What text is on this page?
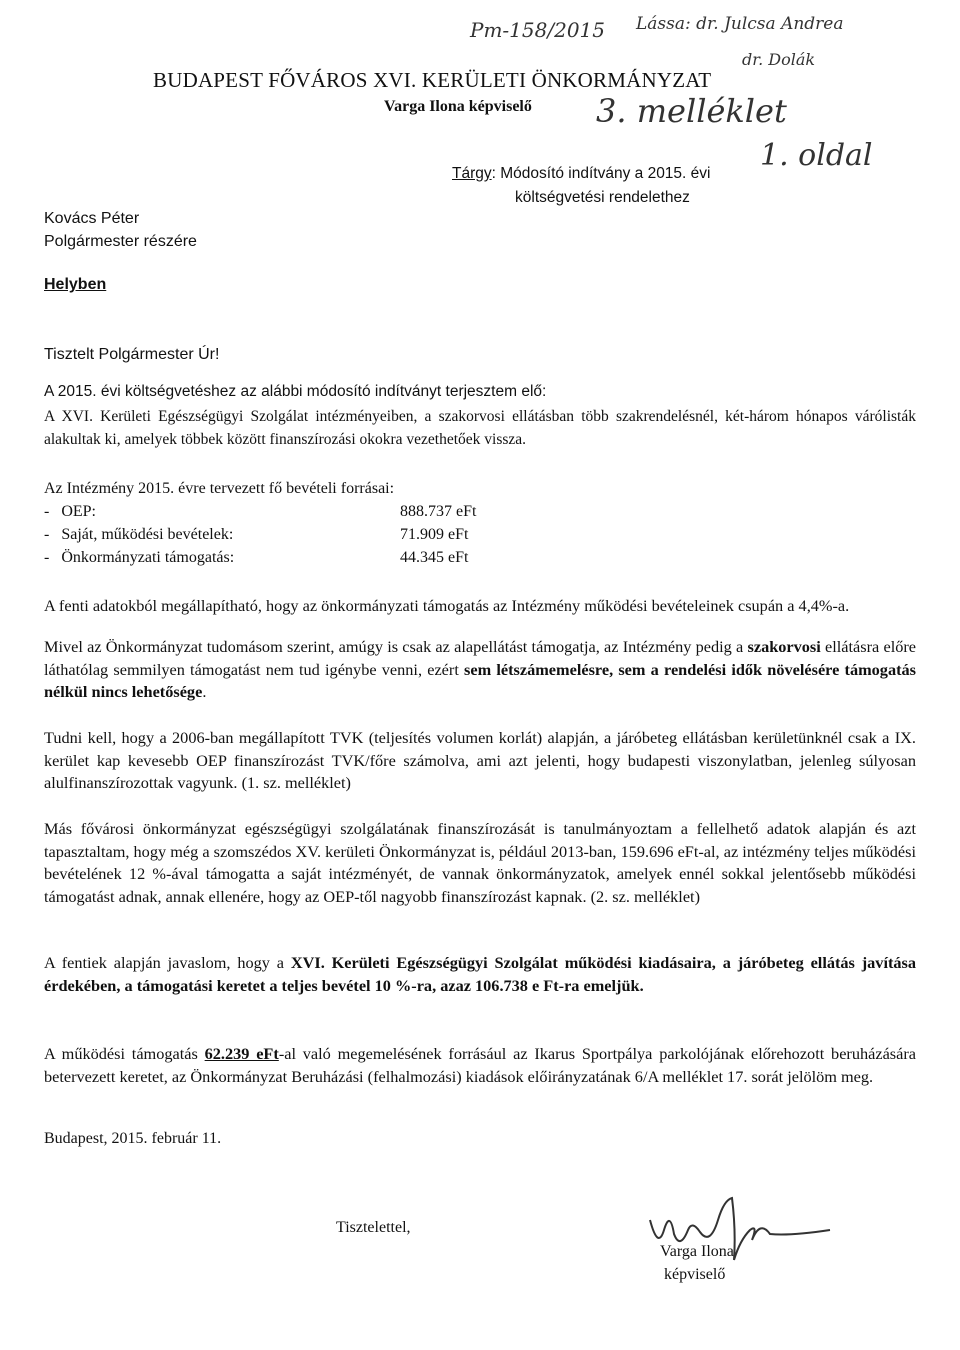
Pm-158/2015 Lássa: dr. Julcsa Andrea
dr. Dolák
3. melléklet
1. oldal
BUDAPEST FŐVÁROS XVI. KERÜLETI ÖNKORMÁNYZAT
Varga Ilona képviselő
Tárgy: Módosító indítvány a 2015. évi
költségvetési rendelethez
Kovács Péter
Polgármester részére
Helyben
Tisztelt Polgármester Úr!
A 2015. évi költségvetéshez az alábbi módosító indítványt terjesztem elő:
A XVI. Kerületi Egészségügyi Szolgálat intézményeiben, a szakorvosi ellátásban több szakrendelésnél, két-három hónapos várólisták alakultak ki, amelyek többek között finanszírozási okokra vezethetőek vissza.
Az Intézmény 2015. évre tervezett fő bevételi forrásai:
-   OEP:	888.737 eFt
-   Saját, működési bevételek:	71.909 eFt
-   Önkormányzati támogatás:	44.345 eFt
A fenti adatokból megállapítható, hogy az önkormányzati támogatás az Intézmény működési bevételeinek csupán a 4,4%-a.
Mivel az Önkormányzat tudomásom szerint, amúgy is csak az alapellátást támogatja, az Intézmény pedig a szakorvosi ellátásra előre láthatólag semmilyen támogatást nem tud igénybe venni, ezért sem létszámemelésre, sem a rendelési idők növelésére támogatás nélkül nincs lehetősége.
Tudni kell, hogy a 2006-ban megállapított TVK (teljesítés volumen korlát) alapján, a járóbeteg ellátásban kerületünknél csak a IX. kerület kap kevesebb OEP finanszírozást TVK/főre számolva, ami azt jelenti, hogy budapesti viszonylatban, jelenleg súlyosan alulfinanszírozottak vagyunk. (1. sz. melléklet)
Más fővárosi önkormányzat egészségügyi szolgálatának finanszírozását is tanulmányoztam a fellelhető adatok alapján és azt tapasztaltam, hogy még a szomszédos XV. kerületi Önkormányzat is, például 2013-ban, 159.696 eFt-al, az intézmény teljes működési bevételének 12 %-ával támogatta a saját intézményét, de vannak önkormányzatok, amelyek ennél sokkal jelentősebb működési támogatást adnak, annak ellenére, hogy az OEP-től nagyobb finanszírozást kapnak. (2. sz. melléklet)
A fentiek alapján javaslom, hogy a XVI. Kerületi Egészségügyi Szolgálat működési kiadásaira, a járóbeteg ellátás javítása érdekében, a támogatási keretet a teljes bevétel 10 %-ra, azaz 106.738 e Ft-ra emeljük.
A működési támogatás 62.239 eFt-al való megemelésének forrásául az Ikarus Sportpálya parkolójának előrehozott beruházására betervezett keretet, az Önkormányzat Beruházási (felhalmozási) kiadások előirányzatának 6/A melléklet 17. sorát jelölöm meg.
Budapest, 2015. február 11.
Tisztelettel,
Varga Ilona
képviselő
